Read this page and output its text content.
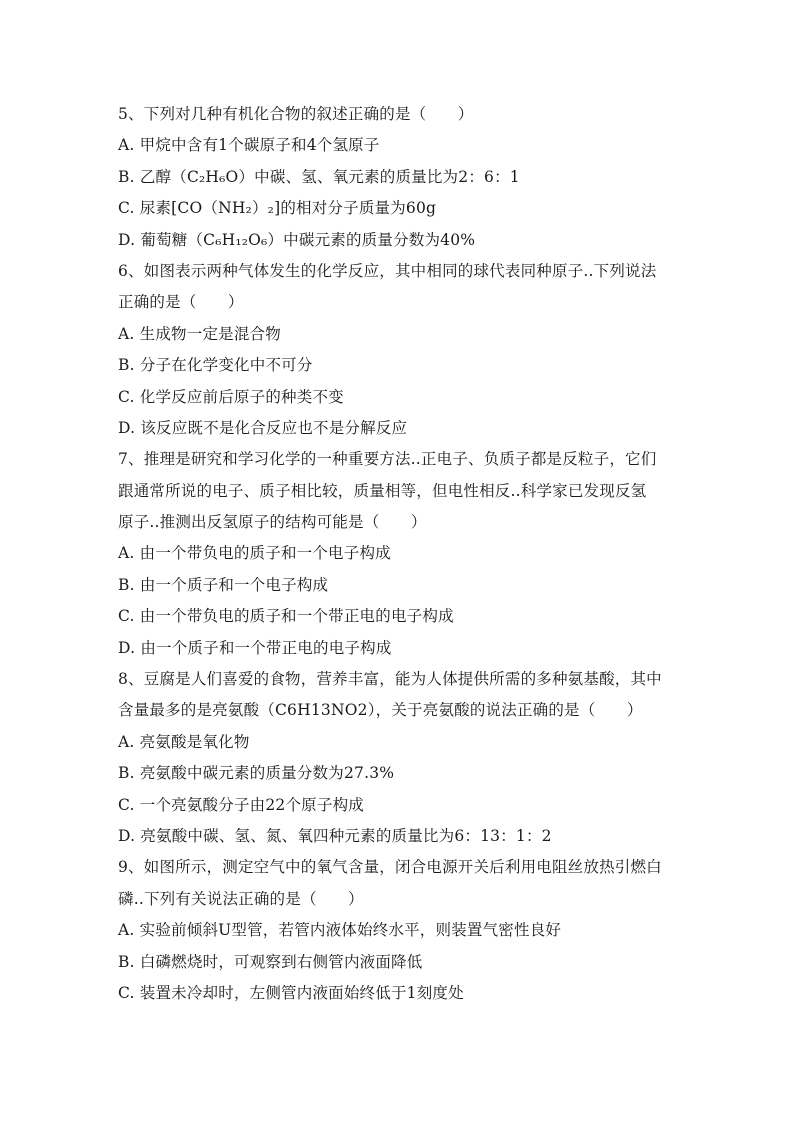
5、下列对几种有机化合物的叙述正确的是（　　）
A. 甲烷中含有1个碳原子和4个氢原子
B. 乙醇（C₂H₆O）中碳、氢、氧元素的质量比为2：6：1
C. 尿素[CO（NH₂）₂]的相对分子质量为60g
D. 葡萄糖（C₆H₁₂O₆）中碳元素的质量分数为40%
6、如图表示两种气体发生的化学反应，其中相同的球代表同种原子..下列说法
正确的是（　　）
A. 生成物一定是混合物
B. 分子在化学变化中不可分
C. 化学反应前后原子的种类不变
D. 该反应既不是化合反应也不是分解反应
7、推理是研究和学习化学的一种重要方法..正电子、负质子都是反粒子，它们
跟通常所说的电子、质子相比较，质量相等，但电性相反..科学家已发现反氢
原子..推测出反氢原子的结构可能是（　　）
A. 由一个带负电的质子和一个电子构成
B. 由一个质子和一个电子构成
C. 由一个带负电的质子和一个带正电的电子构成
D. 由一个质子和一个带正电的电子构成
8、豆腐是人们喜爱的食物，营养丰富，能为人体提供所需的多种氨基酸，其中
含量最多的是亮氨酸（C6H13NO2），关于亮氨酸的说法正确的是（　　）
A. 亮氨酸是氧化物
B. 亮氨酸中碳元素的质量分数为27.3%
C. 一个亮氨酸分子由22个原子构成
D. 亮氨酸中碳、氢、氮、氧四种元素的质量比为6：13：1：2
9、如图所示，测定空气中的氧气含量，闭合电源开关后利用电阻丝放热引燃白
磷..下列有关说法正确的是（　　）
A. 实验前倾斜U型管，若管内液体始终水平，则装置气密性良好
B. 白磷燃烧时，可观察到右侧管内液面降低
C. 装置未冷却时，左侧管内液面始终低于1刻度处
